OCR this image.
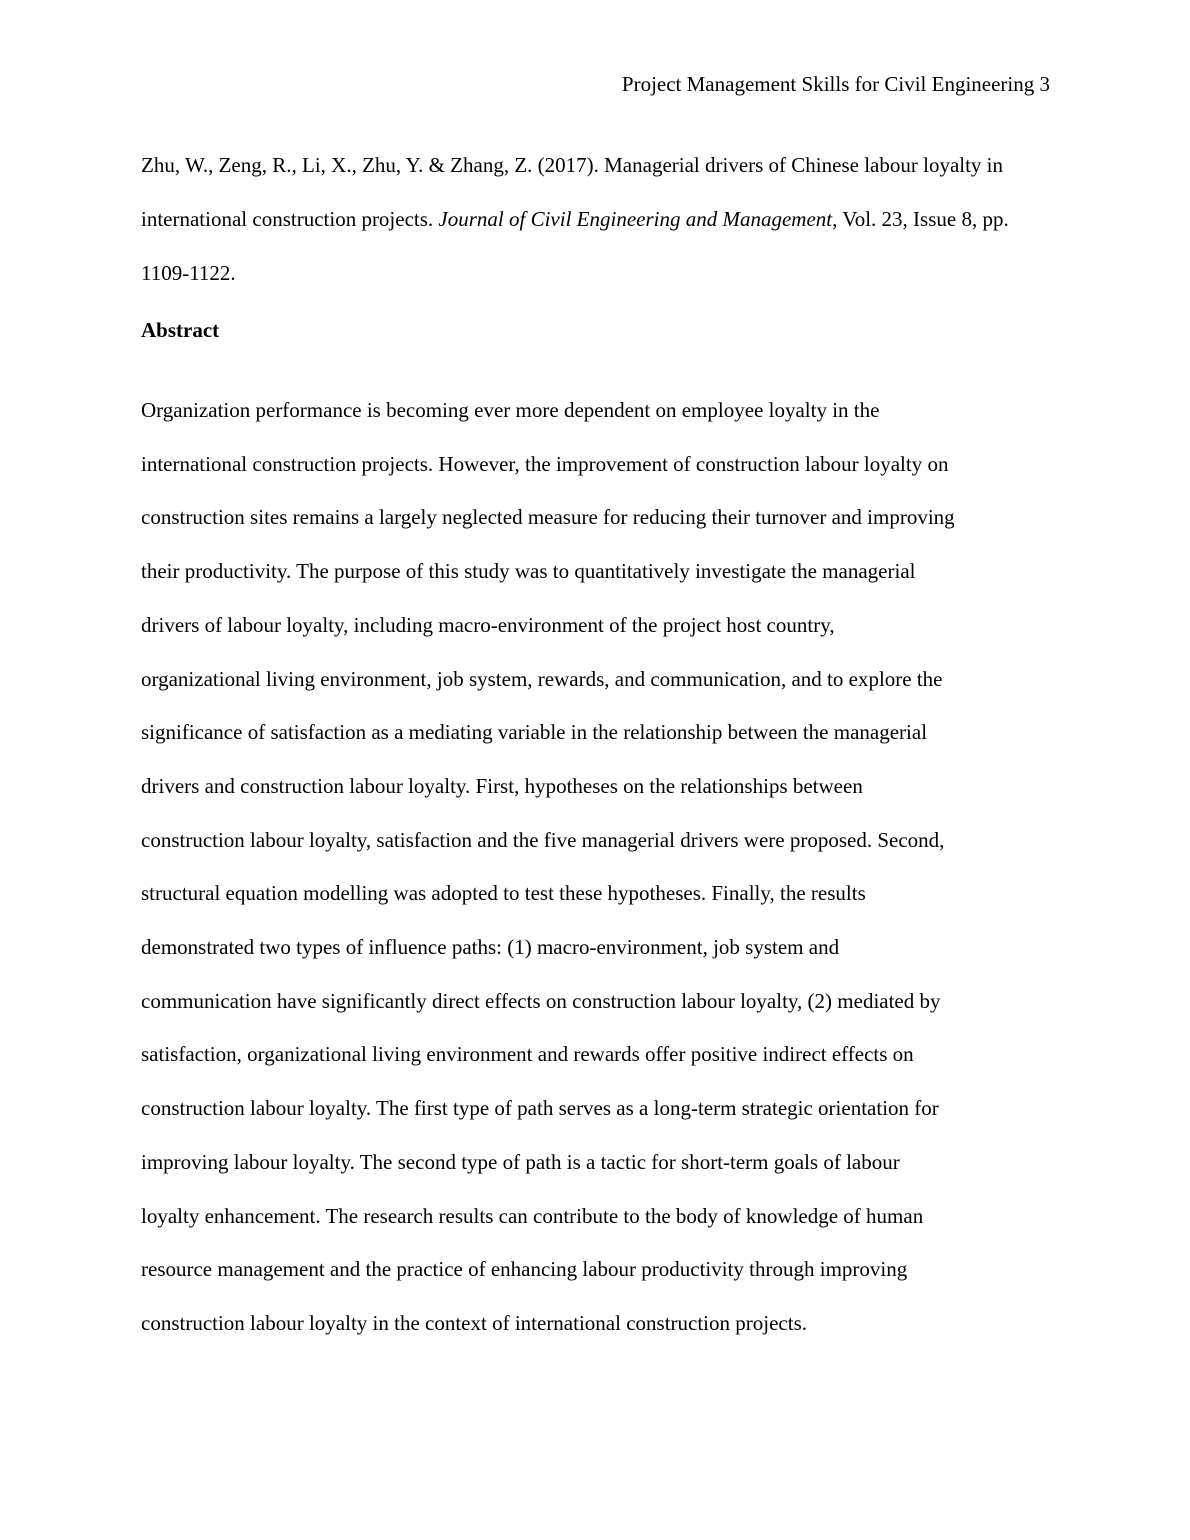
Project Management Skills for Civil Engineering 3
Zhu, W., Zeng, R., Li, X., Zhu, Y. & Zhang, Z. (2017). Managerial drivers of Chinese labour loyalty in international construction projects. Journal of Civil Engineering and Management, Vol. 23, Issue 8, pp. 1109-1122.
Abstract
Organization performance is becoming ever more dependent on employee loyalty in the
international construction projects. However, the improvement of construction labour loyalty on
construction sites remains a largely neglected measure for reducing their turnover and improving
their productivity. The purpose of this study was to quantitatively investigate the managerial
drivers of labour loyalty, including macro-environment of the project host country,
organizational living environment, job system, rewards, and communication, and to explore the
significance of satisfaction as a mediating variable in the relationship between the managerial
drivers and construction labour loyalty. First, hypotheses on the relationships between
construction labour loyalty, satisfaction and the five managerial drivers were proposed. Second,
structural equation modelling was adopted to test these hypotheses. Finally, the results
demonstrated two types of influence paths: (1) macro-environment, job system and
communication have significantly direct effects on construction labour loyalty, (2) mediated by
satisfaction, organizational living environment and rewards offer positive indirect effects on
construction labour loyalty. The first type of path serves as a long-term strategic orientation for
improving labour loyalty. The second type of path is a tactic for short-term goals of labour
loyalty enhancement. The research results can contribute to the body of knowledge of human
resource management and the practice of enhancing labour productivity through improving
construction labour loyalty in the context of international construction projects.
